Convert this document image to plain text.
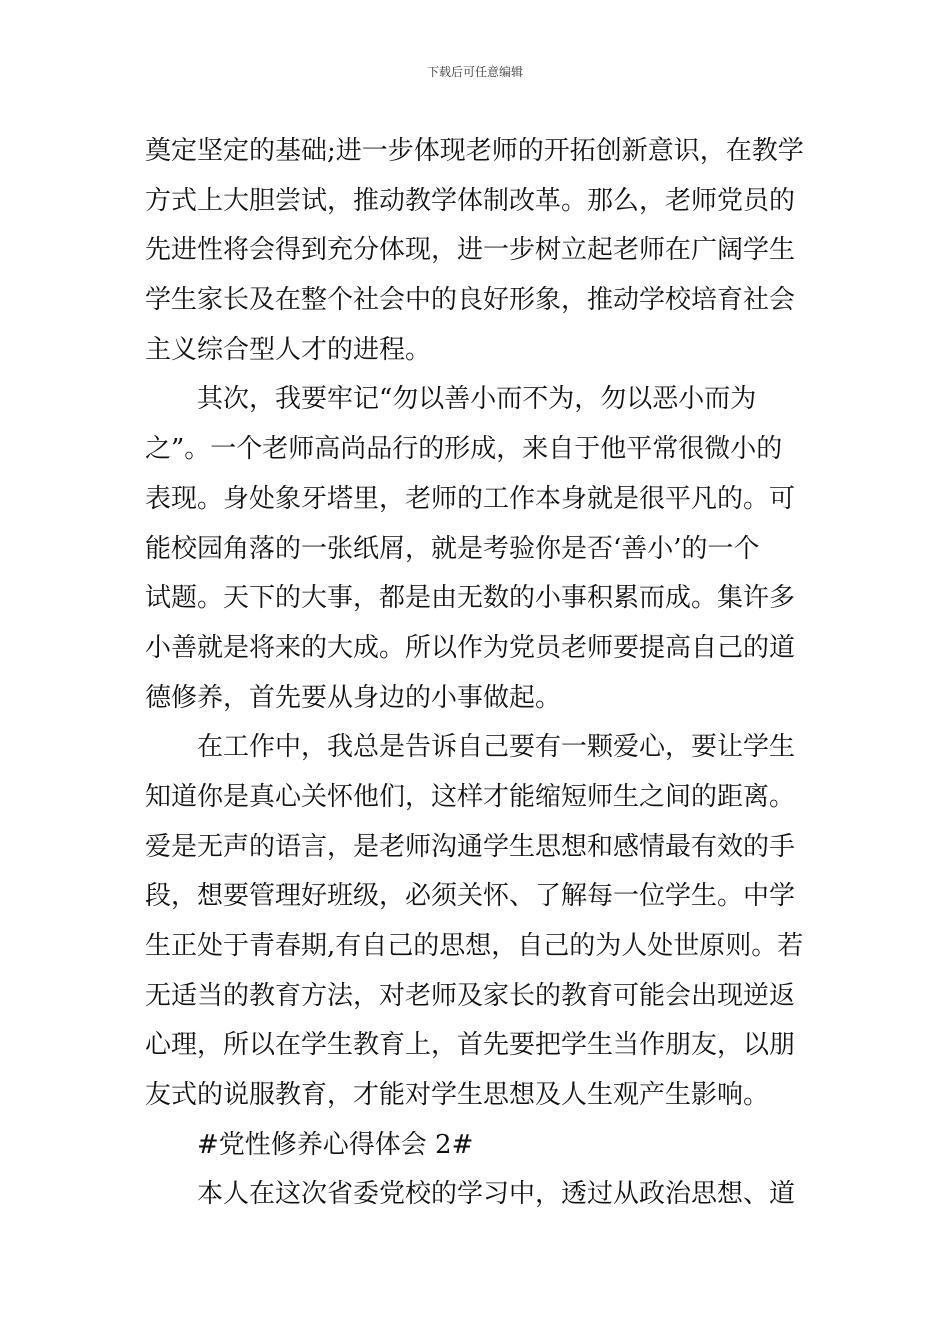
下载后可任意编辑
奠定坚定的基础;进一步体现老师的开拓创新意识，在教学
方式上大胆尝试，推动教学体制改革。那么，老师党员的
先进性将会得到充分体现，进一步树立起老师在广阔学生
学生家长及在整个社会中的良好形象，推动学校培育社会
主义综合型人才的进程。
其次，我要牢记“勿以善小而不为，勿以恶小而为
之”。一个老师高尚品行的形成，来自于他平常很微小的
表现。身处象牙塔里，老师的工作本身就是很平凡的。可
能校园角落的一张纸屑，就是考验你是否‘善小’的一个
试题。天下的大事，都是由无数的小事积累而成。集许多
小善就是将来的大成。所以作为党员老师要提高自己的道
德修养，首先要从身边的小事做起。
在工作中，我总是告诉自己要有一颗爱心，要让学生
知道你是真心关怀他们，这样才能缩短师生之间的距离。
爱是无声的语言，是老师沟通学生思想和感情最有效的手
段，想要管理好班级，必须关怀、了解每一位学生。中学
生正处于青春期,有自己的思想，自己的为人处世原则。若
无适当的教育方法，对老师及家长的教育可能会出现逆返
心理，所以在学生教育上，首先要把学生当作朋友，以朋
友式的说服教育，才能对学生思想及人生观产生影响。
#党性修养心得体会 2#
本人在这次省委党校的学习中，透过从政治思想、道
